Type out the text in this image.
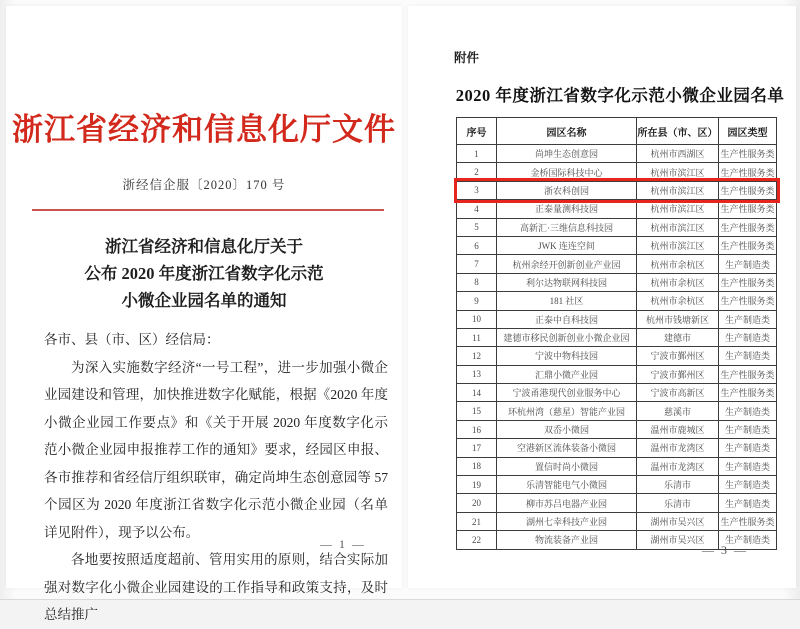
浙江省经济和信息化厅文件
浙经信企服〔2020〕170 号
浙江省经济和信息化厅关于
公布 2020 年度浙江省数字化示范
小微企业园名单的通知

各市、县（市、区）经信局：

为深入实施数字经济“一号工程”，进一步加强小微企业园建设和管理，加快推进数字化赋能，根据《2020 年度小微企业园工作要点》和《关于开展 2020 年度数字化示范小微企业园申报推荐工作的通知》要求，经园区申报、各市推荐和省经信厅组织联审，确定尚坤生态创意园等 57 个园区为 2020 年度浙江省数字化示范小微企业园（名单详见附件），现予以公布。

各地要按照适度超前、管用实用的原则，结合实际加强对数字化小微企业园建设的工作指导和政策支持，及时总结推广

— 1 —
附件
2020 年度浙江省数字化示范小微企业园名单
序号	园区名称	所在县（市、区）	园区类型
1	尚坤生态创意园	杭州市西湖区	生产性服务类
2	金桥国际科技中心	杭州市滨江区	生产性服务类
3	浙农科创园	杭州市滨江区	生产性服务类
4	正泰量测科技园	杭州市滨江区	生产性服务类
5	高新汇·三维信息科技园	杭州市滨江区	生产性服务类
6	JWK 连连空间	杭州市滨江区	生产性服务类
7	杭州余经开创新创业产业园	杭州市余杭区	生产制造类
8	利尔达物联网科技园	杭州市余杭区	生产性服务类
9	181 社区	杭州市余杭区	生产性服务类
10	正泰中自科技园	杭州市钱塘新区	生产制造类
11	建德市移民创新创业小微企业园	建德市	生产制造类
12	宁波中物科技园	宁波市鄞州区	生产制造类
13	汇鼎小微产业园	宁波市鄞州区	生产性服务类
14	宁波甬港现代创业服务中心	宁波市高新区	生产性服务类
15	环杭州湾（慈星）智能产业园	慈溪市	生产制造类
16	双岙小微园	温州市鹿城区	生产制造类
17	空港新区流体装备小微园	温州市龙湾区	生产制造类
18	置信时尚小微园	温州市龙湾区	生产制造类
19	乐清智能电气小微园	乐清市	生产制造类
20	柳市苏吕电器产业园	乐清市	生产制造类
21	湖州七幸科技产业园	湖州市吴兴区	生产性服务类
22	物流装备产业园	湖州市吴兴区	生产制造类
— 3 —
